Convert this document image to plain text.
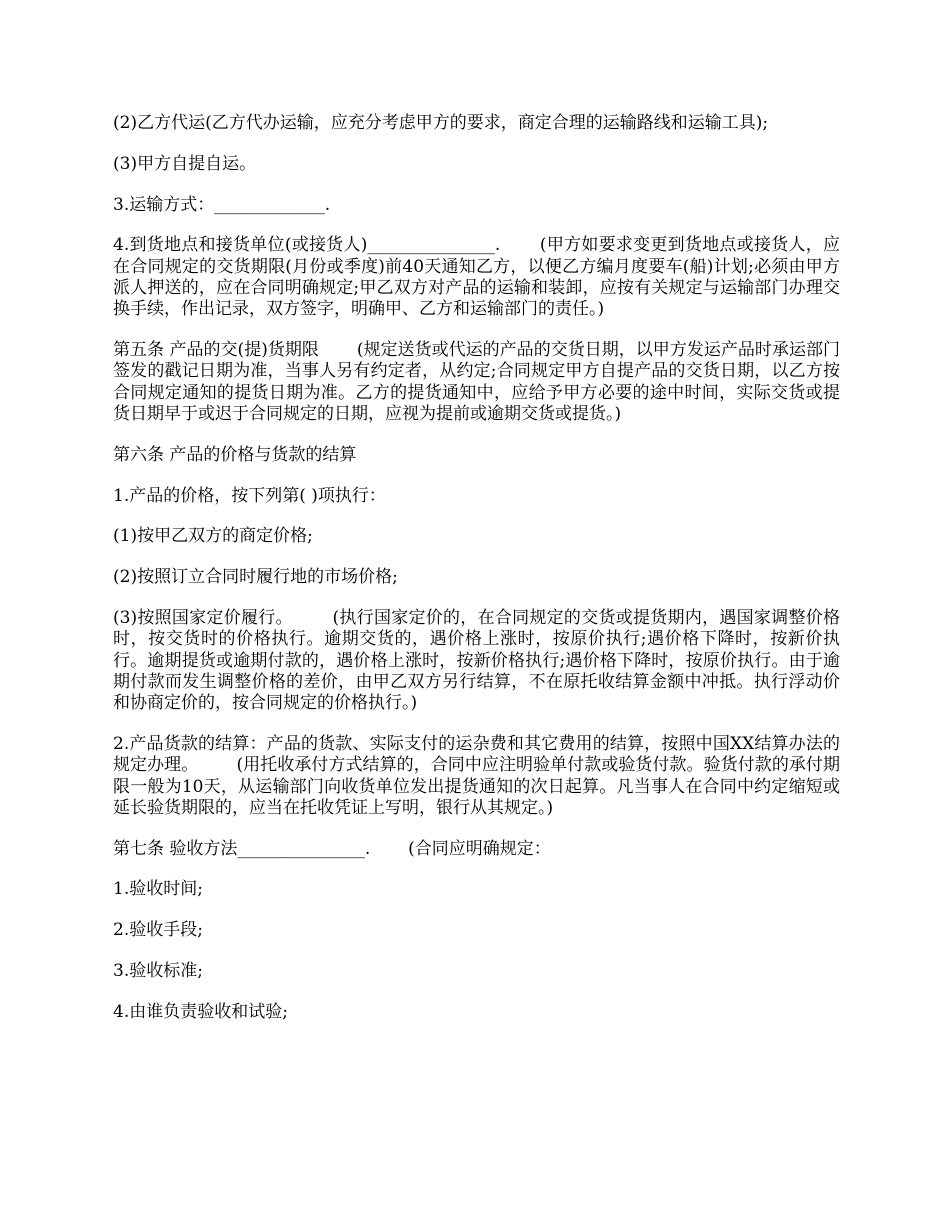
(2)乙方代运(乙方代办运输，应充分考虑甲方的要求，商定合理的运输路线和运输工具);

(3)甲方自提自运。

3.运输方式：_____________.

4.到货地点和接货单位(或接货人)_______________.       (甲方如要求变更到货地点或接货人，应在合同规定的交货期限(月份或季度)前40天通知乙方，以便乙方编月度要车(船)计划;必须由甲方派人押送的，应在合同明确规定;甲乙双方对产品的运输和装卸，应按有关规定与运输部门办理交换手续，作出记录，双方签字，明确甲、乙方和运输部门的责任。)

第五条 产品的交(提)货期限       (规定送货或代运的产品的交货日期，以甲方发运产品时承运部门签发的戳记日期为准，当事人另有约定者，从约定;合同规定甲方自提产品的交货日期，以乙方按合同规定通知的提货日期为准。乙方的提货通知中，应给予甲方必要的途中时间，实际交货或提货日期早于或迟于合同规定的日期，应视为提前或逾期交货或提货。)

第六条 产品的价格与货款的结算

1.产品的价格，按下列第( )项执行：

(1)按甲乙双方的商定价格;

(2)按照订立合同时履行地的市场价格;

(3)按照国家定价履行。       (执行国家定价的，在合同规定的交货或提货期内，遇国家调整价格时，按交货时的价格执行。逾期交货的，遇价格上涨时，按原价执行;遇价格下降时，按新价执行。逾期提货或逾期付款的，遇价格上涨时，按新价格执行;遇价格下降时，按原价执行。由于逾期付款而发生调整价格的差价，由甲乙双方另行结算，不在原托收结算金额中冲抵。执行浮动价和协商定价的，按合同规定的价格执行。)

2.产品货款的结算：产品的货款、实际支付的运杂费和其它费用的结算，按照中国XX结算办法的规定办理。       (用托收承付方式结算的，合同中应注明验单付款或验货付款。验货付款的承付期限一般为10天，从运输部门向收货单位发出提货通知的次日起算。凡当事人在合同中约定缩短或延长验货期限的，应当在托收凭证上写明，银行从其规定。)

第七条 验收方法_______________.       (合同应明确规定：

1.验收时间;

2.验收手段;

3.验收标准;

4.由谁负责验收和试验;
